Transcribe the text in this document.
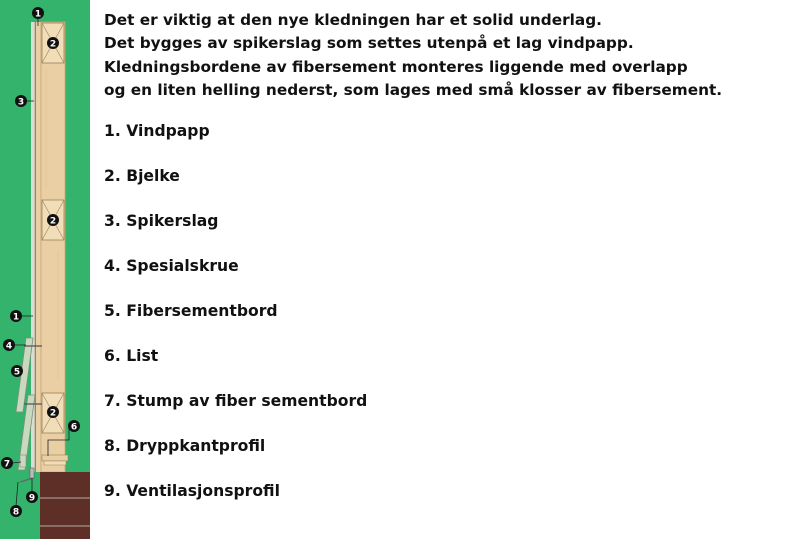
1
2
3
2
1
4
5
2
6
7
9
8
Det er viktig at den nye kledningen har et solid underlag.
Det bygges av spikerslag som settes utenpå et lag vindpapp.
Kledningsbordene av fibersement monteres liggende med overlapp
og en liten helling nederst, som lages med små klosser av fibersement.
1. Vindpapp
2. Bjelke
3. Spikerslag
4. Spesialskrue
5. Fibersementbord
6. List
7. Stump av fiber sementbord
8. Dryppkantprofil
9. Ventilasjonsprofil
